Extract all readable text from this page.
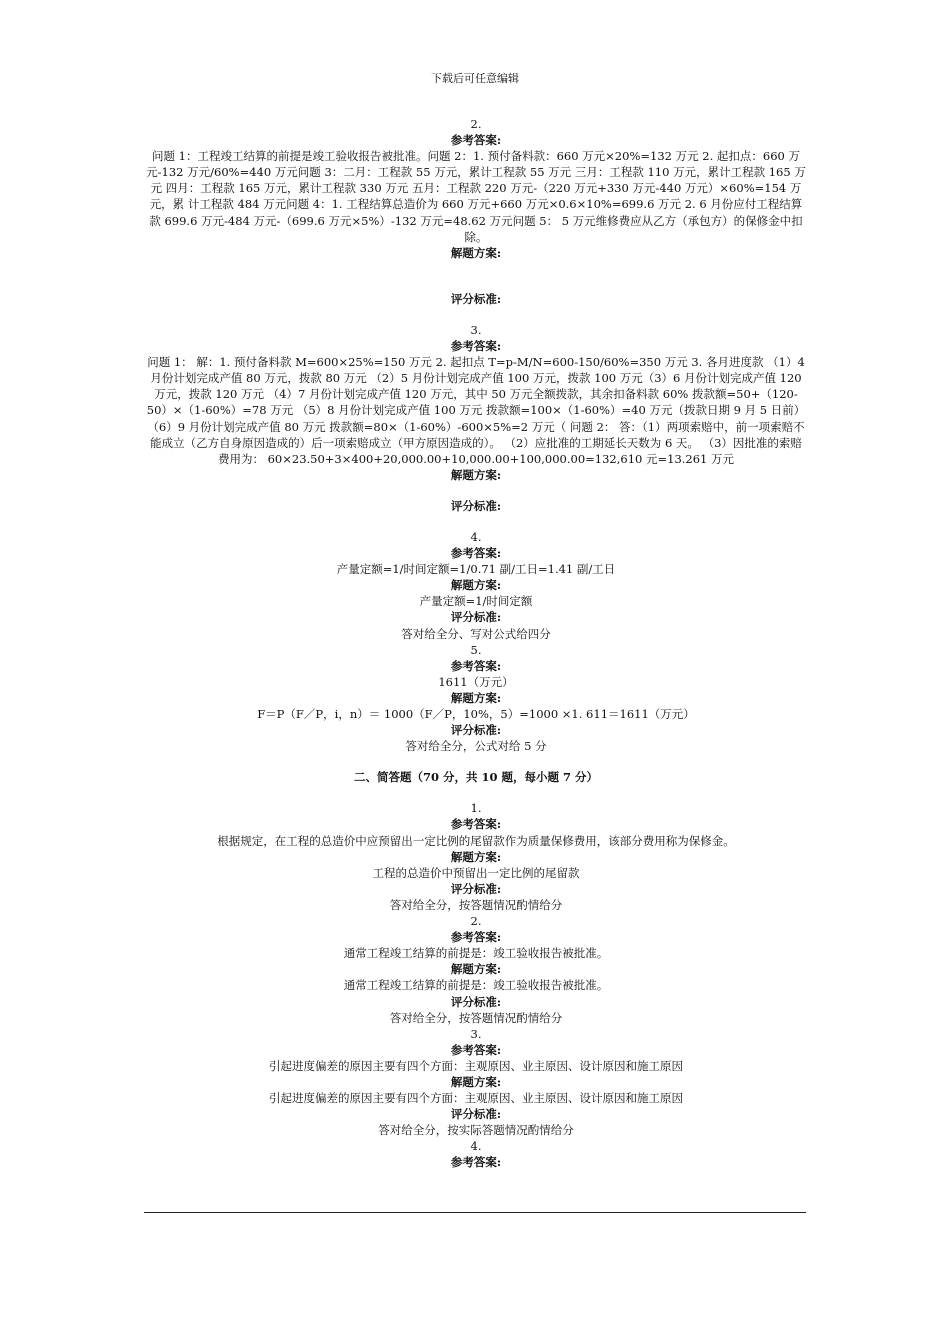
下载后可任意编辑

2.

参考答案:

问题 1：工程竣工结算的前提是竣工验收报告被批准。问题 2：1. 预付备料款：660 万元×20%=132 万元 2. 起扣点：660 万元-132 万元/60%=440 万元问题 3：二月：工程款 55 万元，累计工程款 55 万元 三月：工程款 110 万元，累计工程款 165 万元 四月：工程款 165 万元，累计工程款 330 万元 五月：工程款 220 万元-（220 万元+330 万元-440 万元）×60%=154 万元，累 计工程款 484 万元问题 4：1. 工程结算总造价为 660 万元+660 万元×0.6×10%=699.6 万元 2. 6 月份应付工程结算款 699.6 万元-484 万元-（699.6 万元×5%）-132 万元=48.62 万元问题 5： 5 万元维修费应从乙方（承包方）的保修金中扣除。

解题方案:

评分标准:

3.

参考答案:

问题 1： 解：1. 预付备料款 M=600×25%=150 万元 2. 起扣点 T=p-M/N=600-150/60%=350 万元 3. 各月进度款 （1）4 月份计划完成产值 80 万元，拨款 80 万元 （2）5 月份计划完成产值 100 万元，拨款 100 万元（3）6 月份计划完成产值 120 万元，拨款 120 万元 （4）7 月份计划完成产值 120 万元，其中 50 万元全额拨款，其余扣备料款 60% 拨款额=50+（120-50）×（1-60%）=78 万元 （5）8 月份计划完成产值 100 万元 拨款额=100×（1-60%）=40 万元（拨款日期 9 月 5 日前） （6）9 月份计划完成产值 80 万元 拨款额=80×（1-60%）-600×5%=2 万元（ 问题 2： 答：（1）两项索赔中，前一项索赔不能成立（乙方自身原因造成的）后一项索赔成立（甲方原因造成的）。 （2）应批准的工期延长天数为 6 天。 （3）因批准的索赔费用为： 60×23.50+3×400+20,000.00+10,000.00+100,000.00=132,610 元=13.261 万元

解题方案:

评分标准:

4.

参考答案:

产量定额=1/时间定额=1/0.71 副/工日=1.41 副/工日

解题方案:

产量定额=1/时间定额

评分标准:

答对给全分、写对公式给四分

5.

参考答案:

1611（万元）

解题方案:

F＝P（F／P，i，n）＝ 1000（F／P，10%，5）=1000 ×1. 611＝1611（万元）

评分标准:

答对给全分，公式对给 5 分

二、简答题（70 分，共 10 题，每小题 7 分）

1.

参考答案:

根据规定，在工程的总造价中应预留出一定比例的尾留款作为质量保修费用，该部分费用称为保修金。

解题方案:

工程的总造价中预留出一定比例的尾留款

评分标准:

答对给全分，按答题情况酌情给分

2.

参考答案:

通常工程竣工结算的前提是：竣工验收报告被批准。

解题方案:

通常工程竣工结算的前提是：竣工验收报告被批准。

评分标准:

答对给全分，按答题情况酌情给分

3.

参考答案:

引起进度偏差的原因主要有四个方面：主观原因、业主原因、设计原因和施工原因

解题方案:

引起进度偏差的原因主要有四个方面：主观原因、业主原因、设计原因和施工原因

评分标准:

答对给全分，按实际答题情况酌情给分

4.

参考答案:
